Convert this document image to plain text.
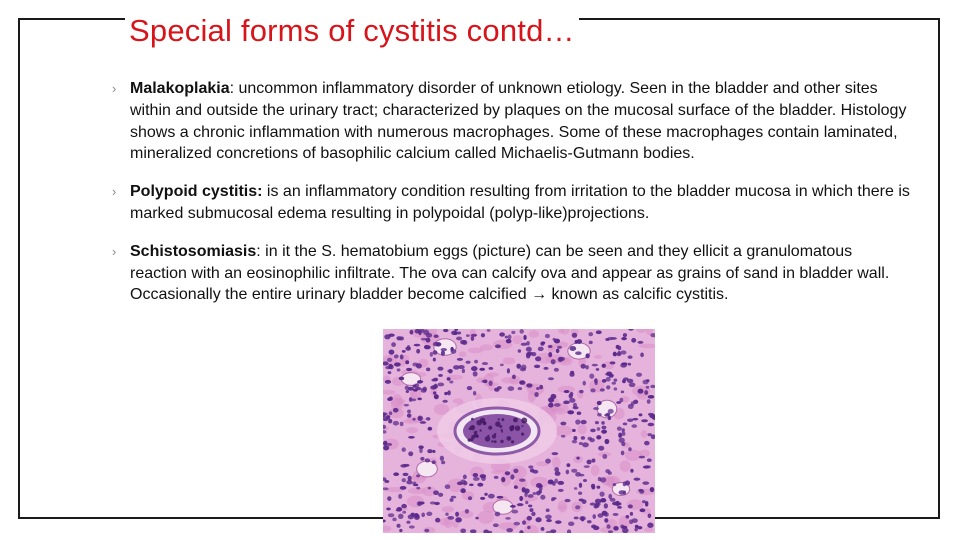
Special forms of cystitis contd…
› Malakoplakia: uncommon inflammatory disorder of unknown etiology. Seen in the bladder and other sites within and outside the urinary tract; characterized by plaques on the mucosal surface of the bladder. Histology shows a chronic inflammation with numerous macrophages. Some of these macrophages contain laminated, mineralized concretions of basophilic calcium called Michaelis-Gutmann bodies.
› Polypoid cystitis: is an inflammatory condition resulting from irritation to the bladder mucosa in which there is marked submucosal edema resulting in polypoidal (polyp-like)projections.
› Schistosomiasis: in it the S. hematobium eggs (picture) can be seen and they ellicit a granulomatous reaction with an eosinophilic infiltrate. The ova can calcify ova and appear as grains of sand in bladder wall. Occasionally the entire urinary bladder become calcified → known as calcific cystitis.
